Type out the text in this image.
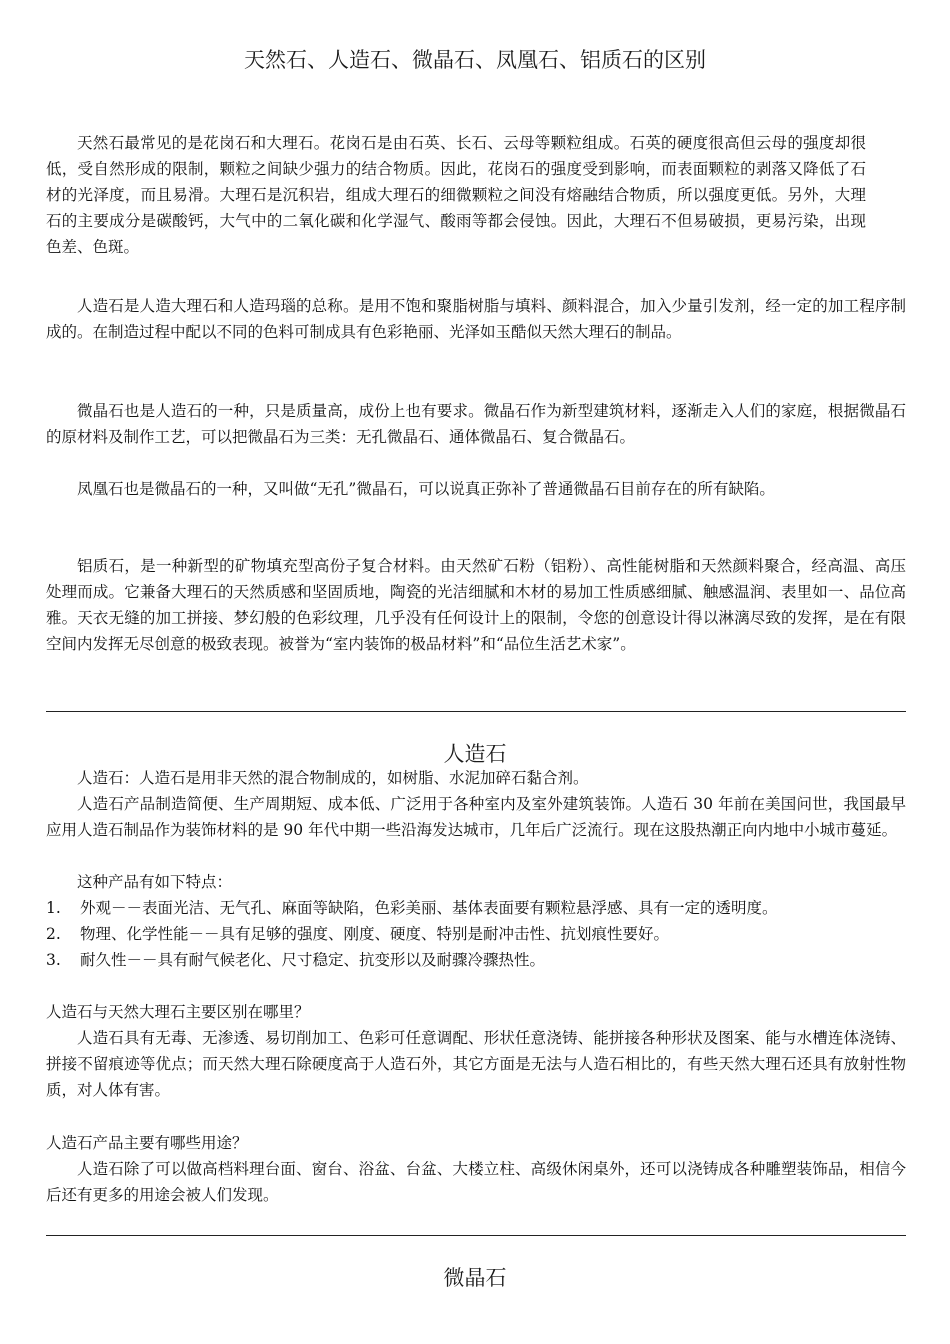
天然石、人造石、微晶石、凤凰石、铝质石的区别

天然石最常见的是花岗石和大理石。花岗石是由石英、长石、云母等颗粒组成。石英的硬度很高但云母的强度却很低，受自然形成的限制，颗粒之间缺少强力的结合物质。因此，花岗石的强度受到影响，而表面颗粒的剥落又降低了石材的光泽度，而且易滑。大理石是沉积岩，组成大理石的细微颗粒之间没有熔融结合物质，所以强度更低。另外，大理石的主要成分是碳酸钙，大气中的二氧化碳和化学湿气、酸雨等都会侵蚀。因此，大理石不但易破损，更易污染，出现色差、色斑。

人造石是人造大理石和人造玛瑙的总称。是用不饱和聚脂树脂与填料、颜料混合，加入少量引发剂，经一定的加工程序制成的。在制造过程中配以不同的色料可制成具有色彩艳丽、光泽如玉酷似天然大理石的制品。

微晶石也是人造石的一种，只是质量高，成份上也有要求。微晶石作为新型建筑材料，逐渐走入人们的家庭，根据微晶石的原材料及制作工艺，可以把微晶石为三类：无孔微晶石、通体微晶石、复合微晶石。

凤凰石也是微晶石的一种，又叫做“无孔”微晶石，可以说真正弥补了普通微晶石目前存在的所有缺陷。

铝质石，是一种新型的矿物填充型高份子复合材料。由天然矿石粉（铝粉）、高性能树脂和天然颜料聚合，经高温、高压处理而成。它兼备大理石的天然质感和坚固质地，陶瓷的光洁细腻和木材的易加工性质感细腻、触感温润、表里如一、品位高雅。天衣无缝的加工拼接、梦幻般的色彩纹理，几乎没有任何设计上的限制，令您的创意设计得以淋漓尽致的发挥，是在有限空间内发挥无尽创意的极致表现。被誉为“室内装饰的极品材料”和“品位生活艺术家”。

人造石

人造石：人造石是用非天然的混合物制成的，如树脂、水泥加碎石黏合剂。

人造石产品制造简便、生产周期短、成本低、广泛用于各种室内及室外建筑装饰。人造石 30 年前在美国问世，我国最早应用人造石制品作为装饰材料的是 90 年代中期一些沿海发达城市，几年后广泛流行。现在这股热潮正向内地中小城市蔓延。

这种产品有如下特点：

1. 外观－－表面光洁、无气孔、麻面等缺陷，色彩美丽、基体表面要有颗粒悬浮感、具有一定的透明度。
2. 物理、化学性能－－具有足够的强度、刚度、硬度、特别是耐冲击性、抗划痕性要好。
3. 耐久性－－具有耐气候老化、尺寸稳定、抗变形以及耐骤冷骤热性。

人造石与天然大理石主要区别在哪里？

人造石具有无毒、无渗透、易切削加工、色彩可任意调配、形状任意浇铸、能拼接各种形状及图案、能与水槽连体浇铸、拼接不留痕迹等优点；而天然大理石除硬度高于人造石外，其它方面是无法与人造石相比的，有些天然大理石还具有放射性物质，对人体有害。

人造石产品主要有哪些用途？

人造石除了可以做高档料理台面、窗台、浴盆、台盆、大楼立柱、高级休闲桌外，还可以浇铸成各种雕塑装饰品，相信今后还有更多的用途会被人们发现。

微晶石
